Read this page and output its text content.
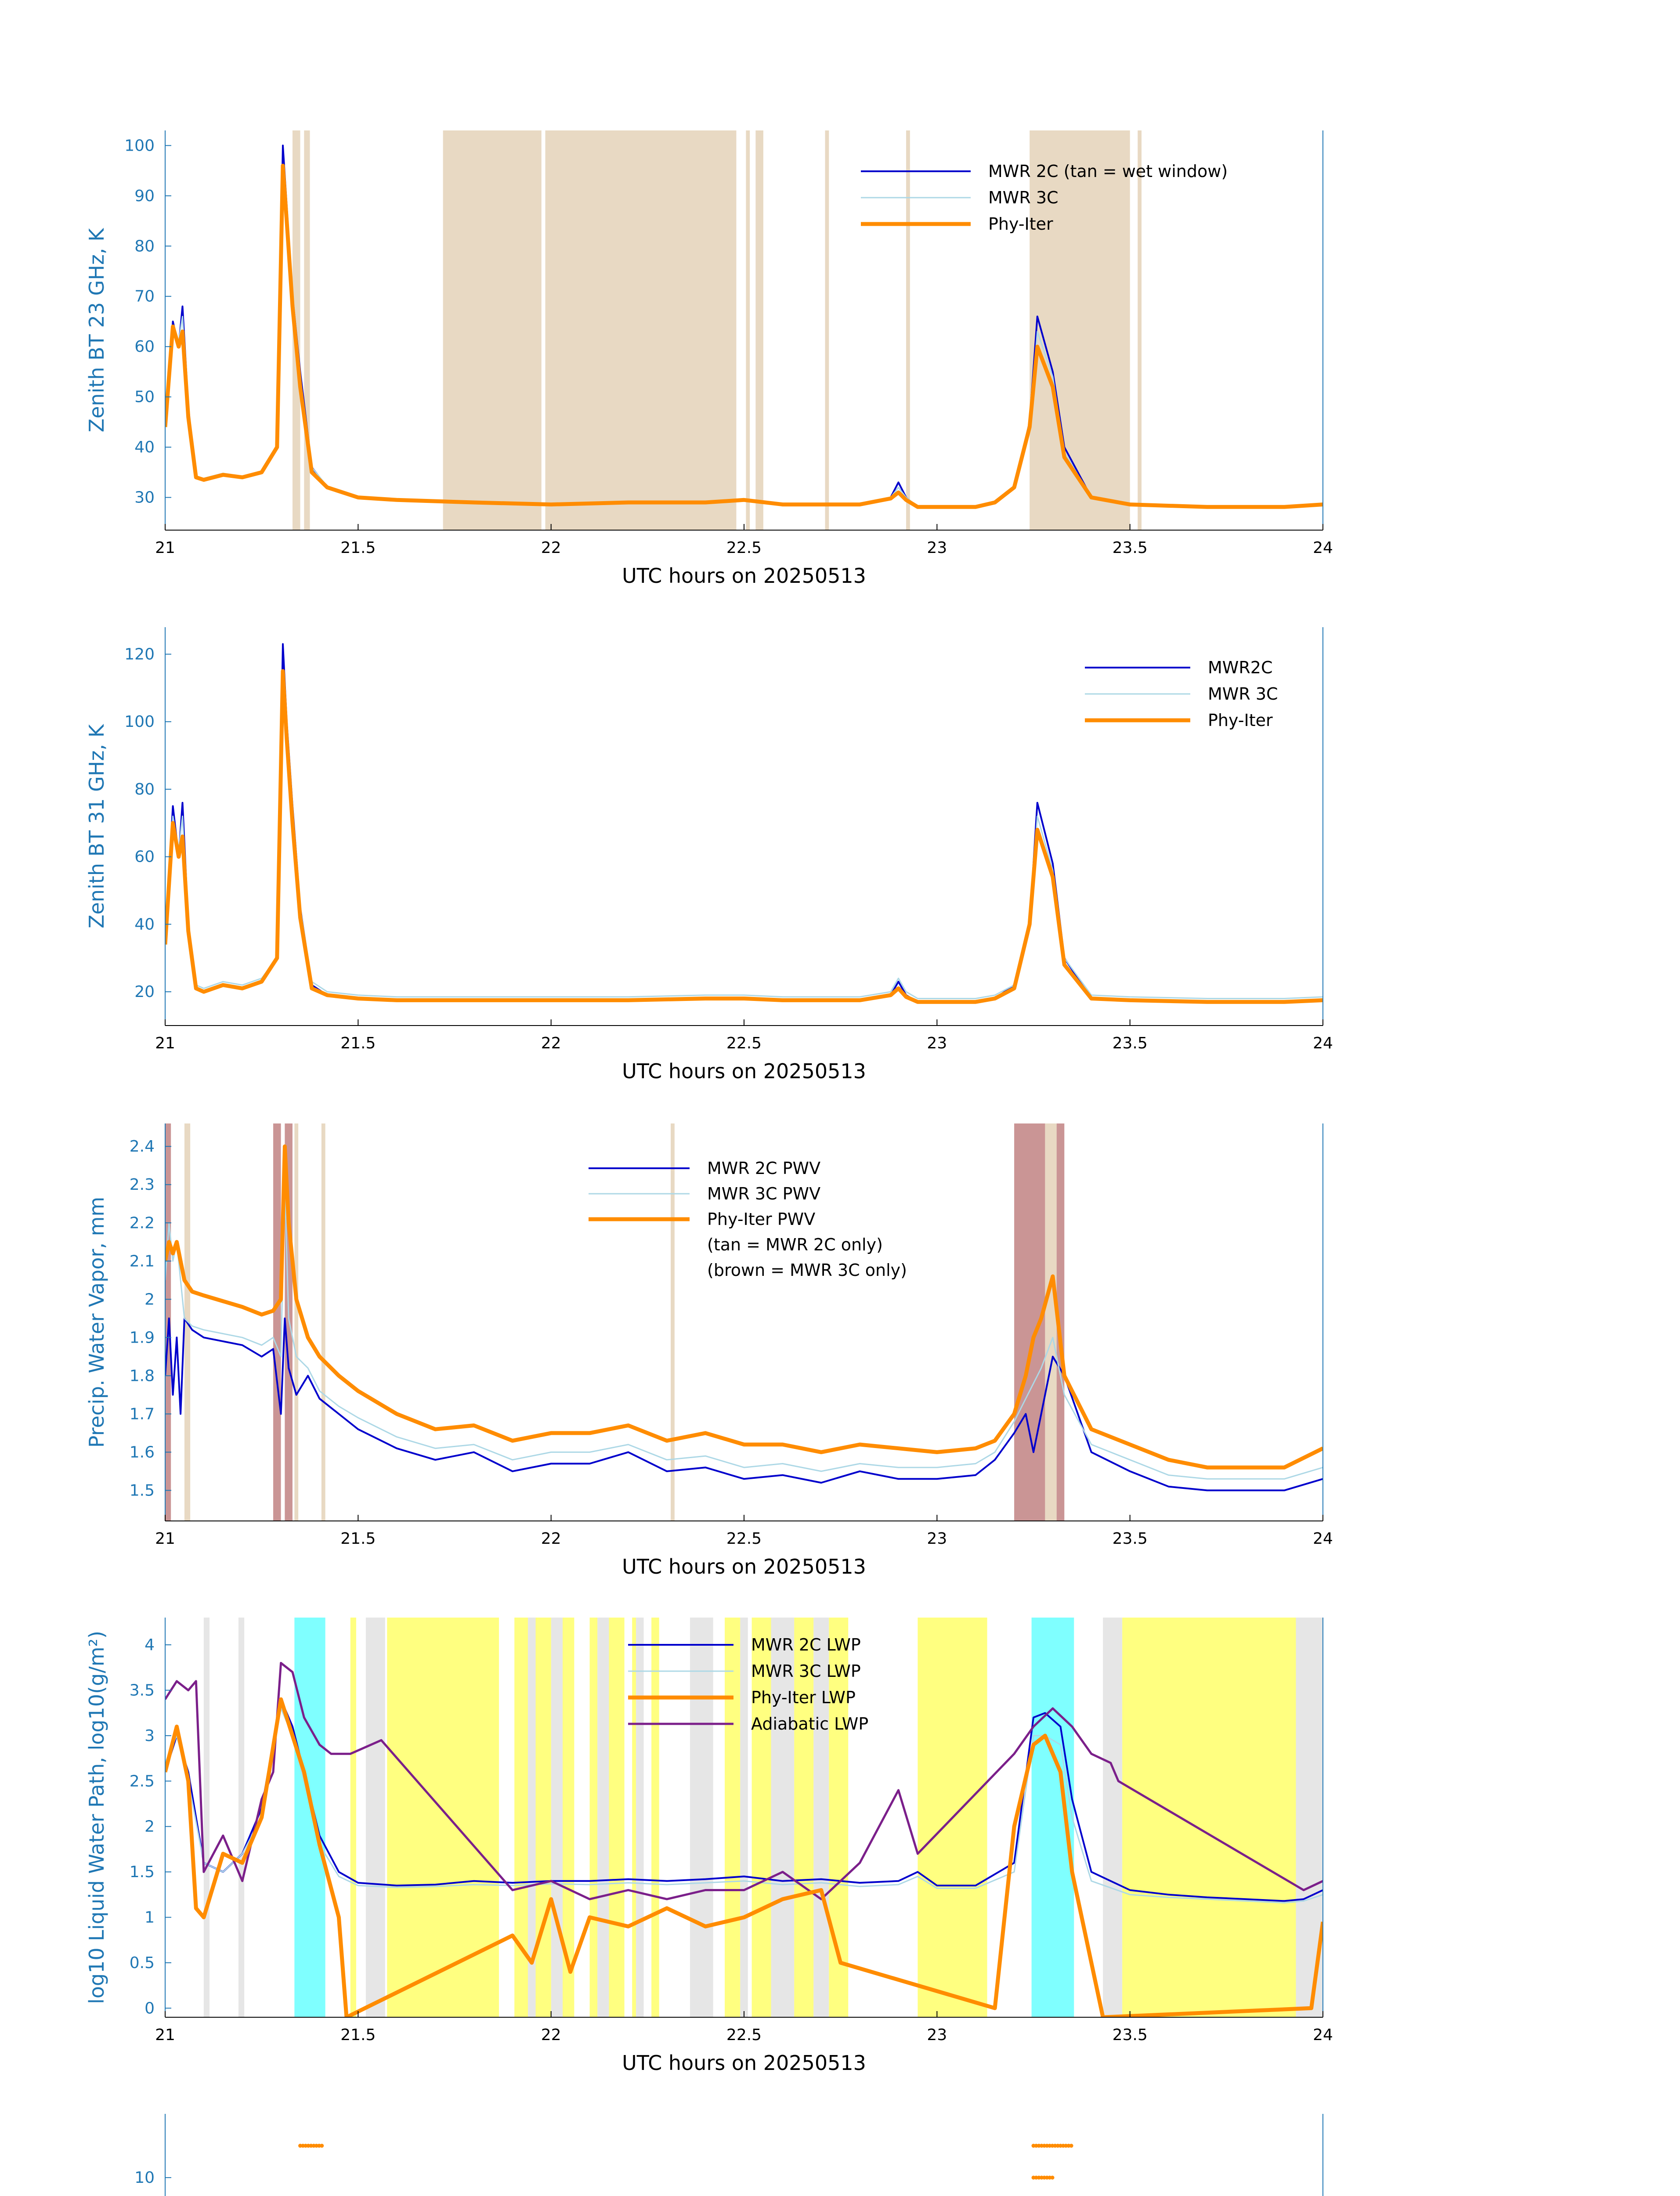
21	21.5	22	22.5	23	23.5	24
30
40
50
60
70
80
90
100
UTC hours on 20250513
Zenith BT 23 GHz, K
MWR 2C (tan = wet window)
MWR 3C
Phy-Iter
21	21.5	22	22.5	23	23.5	24
20
40
60
80
100
120
UTC hours on 20250513
Zenith BT 31 GHz, K
MWR2C
MWR 3C
Phy-Iter
21	21.5	22	22.5	23	23.5	24
1.5
1.6
1.7
1.8
1.9
2
2.1
2.2
2.3
2.4
UTC hours on 20250513
Precip. Water Vapor, mm
MWR 2C PWV
MWR 3C PWV
Phy-Iter PWV
(tan = MWR 2C only)
(brown = MWR 3C only)
21	21.5	22	22.5	23	23.5	24
0
0.5
1
1.5
2
2.5
3
3.5
4
UTC hours on 20250513
log10 Liquid Water Path, log10(g/m²)	MWR 2C LWP
MWR 3C LWP
Phy-Iter LWP
Adiabatic LWP
10
